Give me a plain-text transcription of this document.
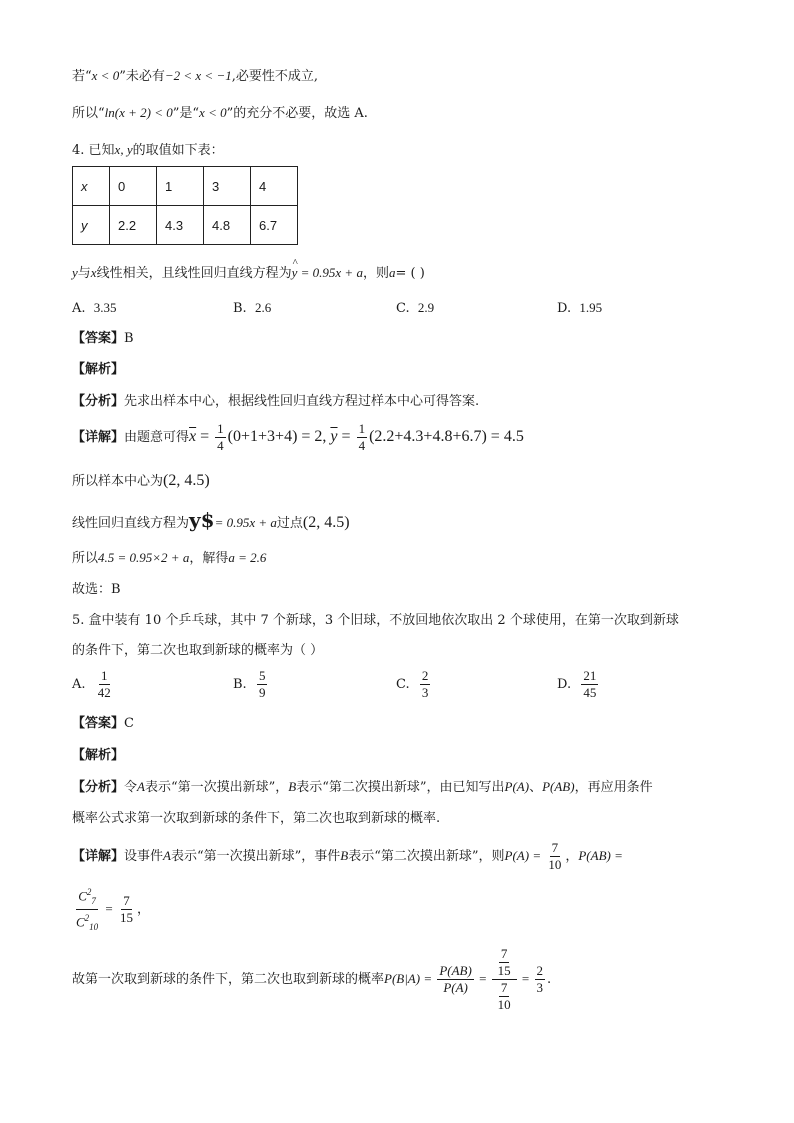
若“x < 0”未必有−2 < x < −1,必要性不成立,
所以“ln(x + 2) < 0”是“x < 0”的充分不必要，故选 A.
4. 已知x, y的取值如下表：
x	0	1	3	4
y	2.2	4.3	4.8	6.7
y与x线性相关，且线性回归直线方程为^ y = 0.95x + a，则a= ( )
A. 3.35	B. 2.6	C. 2.9	D. 1.95
【答案】B
【解析】
【分析】先求出样本中心，根据线性回归直线方程过样本中心可得答案.
【详解】由题意可得$\overline{x} = \frac{1}{4} (0+1+3+4) = 2$, $\overline{y} = \frac{1}{4} (2.2+4.3+4.8+6.7) = 4.5$
所以样本中心为(2, 4.5)
线性回归直线方程为y$= 0.95x + a过点(2, 4.5)
所以4.5 = 0.95×2 + a，解得a = 2.6
故选：B
5. 盒中装有 10 个乒乓球，其中 7 个新球，3 个旧球，不放回地依次取出 2 个球使用，在第一次取到新球
的条件下，第二次也取到新球的概率为（ ）
A. $\frac{1}{42}$	B. $\frac{5}{9}$	C. $\frac{2}{3}$	D. $\frac{21}{45}$
【答案】C
【解析】
【分析】令A表示“第一次摸出新球”，B表示“第二次摸出新球”，由已知写出P(A)、P(AB)，再应用条件
概率公式求第一次取到新球的条件下，第二次也取到新球的概率.
【详解】设事件A表示“第一次摸出新球”，事件B表示“第二次摸出新球”，则$P(A) = \frac{7}{10}$ ，P(AB) =
$\frac{C^2_7}{C^2_{10}} = \frac{7}{15}$ ，
故第一次取到新球的条件下，第二次也取到新球的概率$P(B|A) = \frac{P(AB)}{P(A)} = \frac{\frac{7}{15}}{\frac{7}{10}} = \frac{2}{3}$ .
